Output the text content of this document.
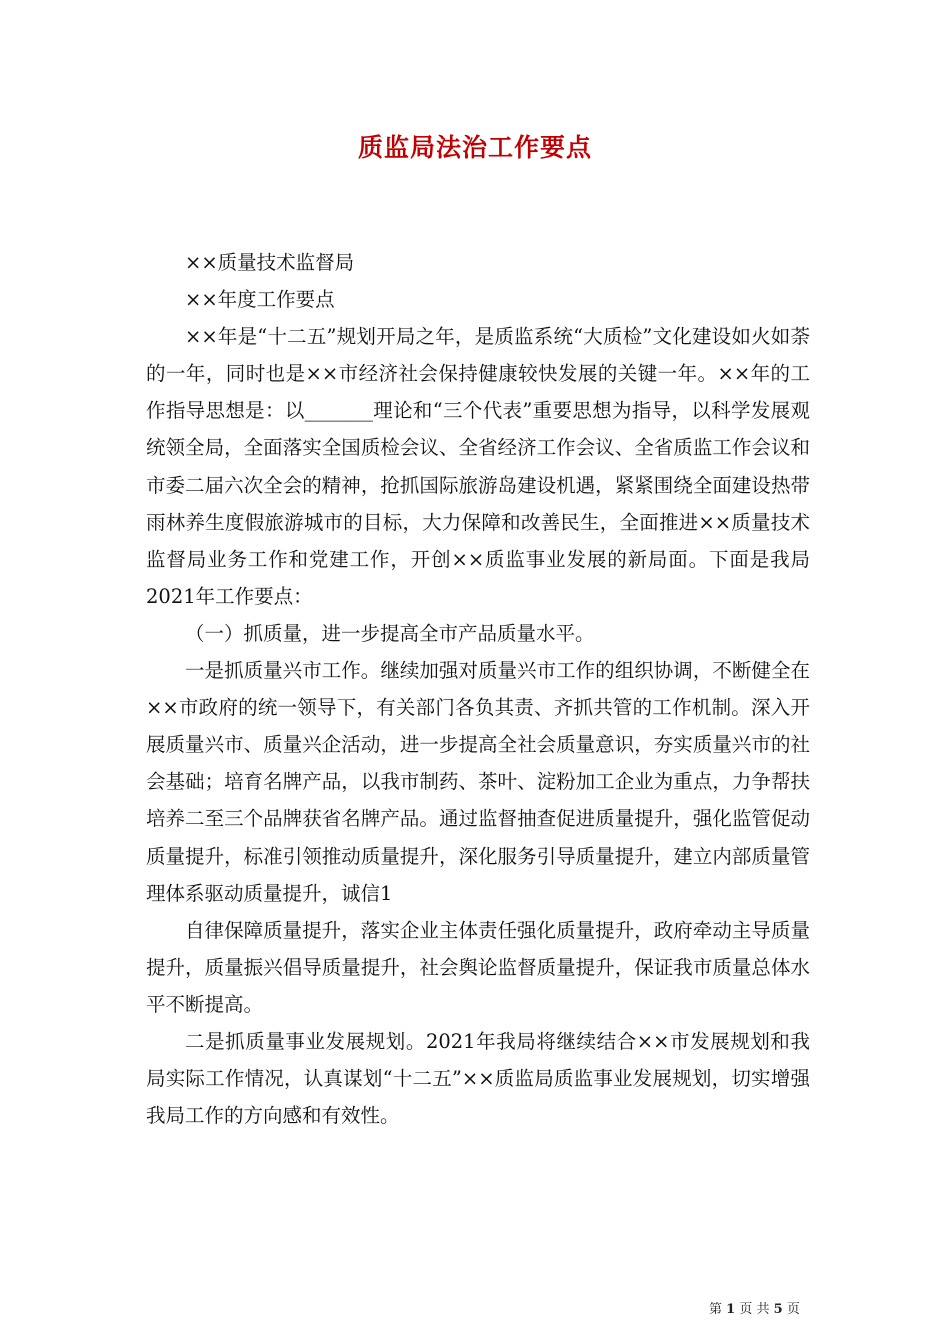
质监局法治工作要点

××质量技术监督局

××年度工作要点

××年是“十二五”规划开局之年，是质监系统“大质检”文化建设如火如荼的一年，同时也是××市经济社会保持健康较快发展的关键一年。××年的工作指导思想是：以_______理论和“三个代表”重要思想为指导，以科学发展观统领全局，全面落实全国质检会议、全省经济工作会议、全省质监工作会议和市委二届六次全会的精神，抢抓国际旅游岛建设机遇，紧紧围绕全面建设热带雨林养生度假旅游城市的目标，大力保障和改善民生，全面推进××质量技术监督局业务工作和党建工作，开创××质监事业发展的新局面。下面是我局2021年工作要点：

（一）抓质量，进一步提高全市产品质量水平。

一是抓质量兴市工作。继续加强对质量兴市工作的组织协调，不断健全在××市政府的统一领导下，有关部门各负其责、齐抓共管的工作机制。深入开展质量兴市、质量兴企活动，进一步提高全社会质量意识，夯实质量兴市的社会基础；培育名牌产品，以我市制药、茶叶、淀粉加工企业为重点，力争帮扶培养二至三个品牌获省名牌产品。通过监督抽查促进质量提升，强化监管促动质量提升，标准引领推动质量提升，深化服务引导质量提升，建立内部质量管理体系驱动质量提升，诚信1

自律保障质量提升，落实企业主体责任强化质量提升，政府牵动主导质量提升，质量振兴倡导质量提升，社会舆论监督质量提升，保证我市质量总体水平不断提高。

二是抓质量事业发展规划。2021年我局将继续结合××市发展规划和我局实际工作情况，认真谋划“十二五”××质监局质监事业发展规划，切实增强我局工作的方向感和有效性。

第 1 页 共 5 页
